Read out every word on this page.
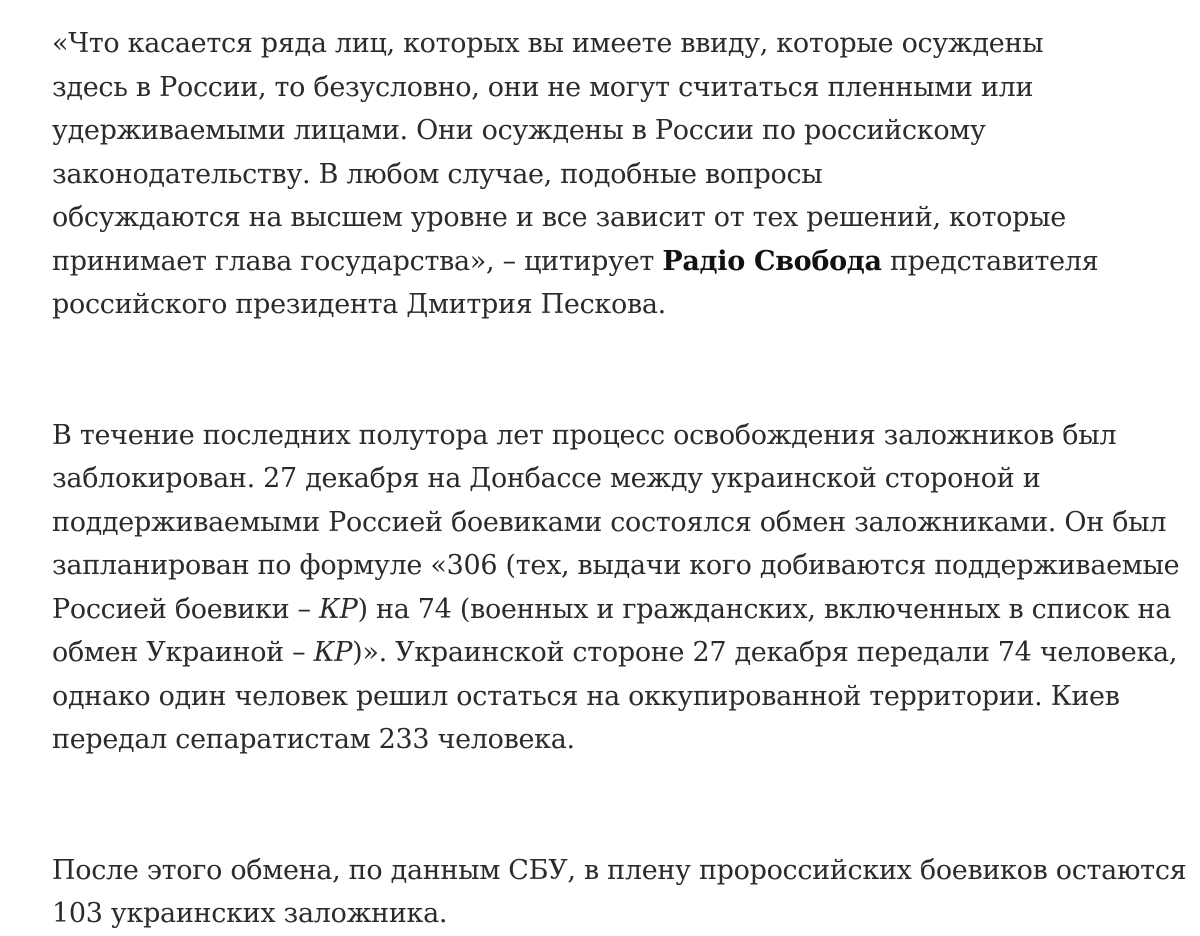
«Что касается ряда лиц, которых вы имеете ввиду, которые осуждены
здесь в России, то безусловно, они не могут считаться пленными или
удерживаемыми лицами. Они осуждены в России по российскому
законодательству. В любом случае, подобные вопросы
обсуждаются на высшем уровне и все зависит от тех решений, которые
принимает глава государства», – цитирует Радіо Свобода представителя
российского президента Дмитрия Пескова.

В течение последних полутора лет процесс освобождения заложников был
заблокирован. 27 декабря на Донбассе между украинской стороной и
поддерживаемыми Россией боевиками состоялся обмен заложниками. Он был
запланирован по формуле «306 (тех, выдачи кого добиваются поддерживаемые
Россией боевики – КР) на 74 (военных и гражданских, включенных в список на
обмен Украиной – КР)». Украинской стороне 27 декабря передали 74 человека,
однако один человек решил остаться на оккупированной территории. Киев
передал сепаратистам 233 человека.

После этого обмена, по данным СБУ, в плену пророссийских боевиков остаются
103 украинских заложника.
